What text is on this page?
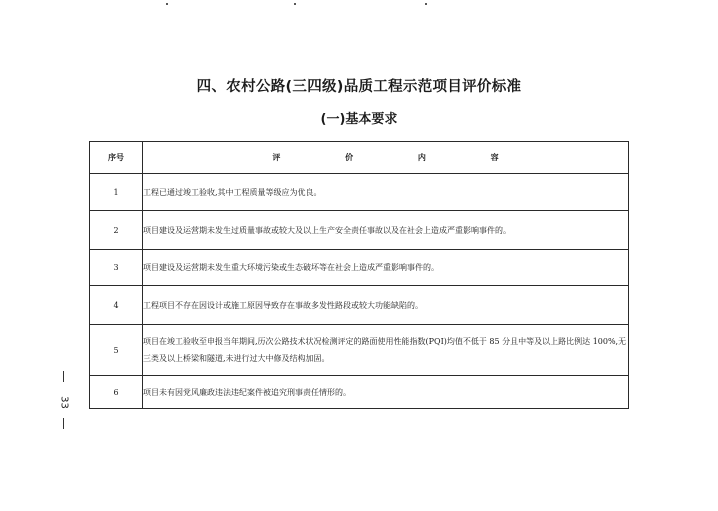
四、农村公路(三四级)品质工程示范项目评价标准
(一)基本要求
序号	评 价 内 容
1	工程已通过竣工验收,其中工程质量等级应为优良。
2	项目建设及运营期未发生过质量事故或较大及以上生产安全责任事故以及在社会上造成严重影响事件的。
3	项目建设及运营期未发生重大环境污染或生态破坏等在社会上造成严重影响事件的。
4	工程项目不存在因设计或施工原因导致存在事故多发性路段或较大功能缺陷的。
5	项目在竣工验收至申报当年期间,历次公路技术状况检测评定的路面使用性能指数(PQI)均值不低于 85 分且中等及以上路比例达 100%,无三类及以上桥梁和隧道,未进行过大中修及结构加固。
6	项目未有因党风廉政违法违纪案件被追究刑事责任情形的。
33
